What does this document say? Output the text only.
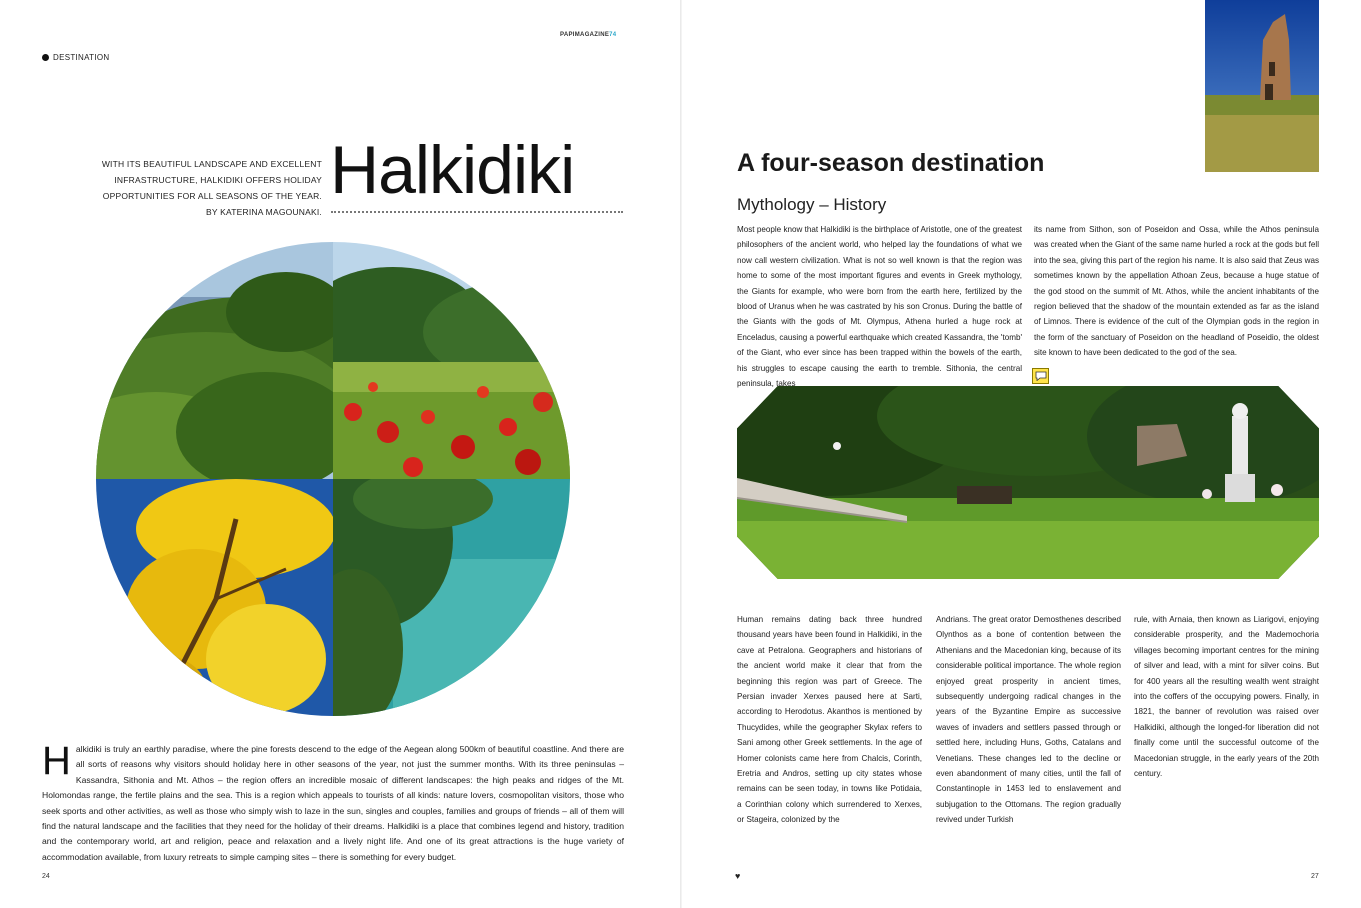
DESTINATION
PAPIMAGAZINE74

WITH ITS BEAUTIFUL LANDSCAPE AND EXCELLENT INFRASTRUCTURE, HALKIDIKI OFFERS HOLIDAY OPPORTUNITIES FOR ALL SEASONS OF THE YEAR. BY KATERINA MAGOUNAKI.

Halkidiki
Halkidiki is truly an earthly paradise, where the pine forests descend to the edge of the Aegean along 500km of beautiful coastline. And there are all sorts of reasons why visitors should holiday here in other seasons of the year, not just the summer months. With its three peninsulas – Kassandra, Sithonia and Mt. Athos – the region offers an incredible mosaic of different landscapes: the high peaks and ridges of the Mt. Holomondas range, the fertile plains and the sea. This is a region which appeals to tourists of all kinds: nature lovers, cosmopolitan visitors, those who seek sports and other activities, as well as those who simply wish to laze in the sun, singles and couples, families and groups of friends – all of them will find the natural landscape and the facilities that they need for the holiday of their dreams. Halkidiki is a place that combines legend and history, tradition and the contemporary world, art and religion, peace and relaxation and a lively night life. And one of its great attractions is the huge variety of accommodation available, from luxury retreats to simple camping sites – there is something for every budget.
24
A four-season destination
Mythology – History

Most people know that Halkidiki is the birthplace of Aristotle, one of the greatest philosophers of the ancient world, who helped lay the foundations of what we now call western civilization. What is not so well known is that the region was home to some of the most important figures and events in Greek mythology, the Giants for example, who were born from the earth here, fertilized by the blood of Uranus when he was castrated by his son Cronus. During the battle of the Giants with the gods of Mt. Olympus, Athena hurled a huge rock at Enceladus, causing a powerful earthquake which created Kassandra, the 'tomb' of the Giant, who ever since has been trapped within the bowels of the earth, his struggles to escape causing the earth to tremble. Sithonia, the central peninsula, takes

its name from Sithon, son of Poseidon and Ossa, while the Athos peninsula was created when the Giant of the same name hurled a rock at the gods but fell into the sea, giving this part of the region his name. It is also said that Zeus was sometimes known by the appellation Athoan Zeus, because a huge statue of the god stood on the summit of Mt. Athos, while the ancient inhabitants of the region believed that the shadow of the mountain extended as far as the island of Limnos. There is evidence of the cult of the Olympian gods in the region in the form of the sanctuary of Poseidon on the headland of Poseidio, the oldest site known to have been dedicated to the god of the sea.

Human remains dating back three hundred thousand years have been found in Halkidiki, in the cave at Petralona. Geographers and historians of the ancient world make it clear that from the beginning this region was part of Greece. The Persian invader Xerxes paused here at Sarti, according to Herodotus. Akanthos is mentioned by Thucydides, while the geographer Skylax refers to Sani among other Greek settlements. In the age of Homer colonists came here from Chalcis, Corinth, Eretria and Andros, setting up city states whose remains can be seen today, in towns like Potidaia, a Corinthian colony which surrendered to Xerxes, or Stageira, colonized by the

Andrians. The great orator Demosthenes described Olynthos as a bone of contention between the Athenians and the Macedonian king, because of its considerable political importance. The whole region enjoyed great prosperity in ancient times, subsequently undergoing radical changes in the years of the Byzantine Empire as successive waves of invaders and settlers passed through or settled here, including Huns, Goths, Catalans and Venetians. These changes led to the decline or even abandonment of many cities, until the fall of Constantinople in 1453 led to enslavement and subjugation to the Ottomans. The region gradually revived under Turkish

rule, with Arnaia, then known as Liarigovi, enjoying considerable prosperity, and the Mademochoria villages becoming important centres for the mining of silver and lead, with a mint for silver coins. But for 400 years all the resulting wealth went straight into the coffers of the occupying powers. Finally, in 1821, the banner of revolution was raised over Halkidiki, although the longed-for liberation did not finally come until the successful outcome of the Macedonian struggle, in the early years of the 20th century.

♥	27
